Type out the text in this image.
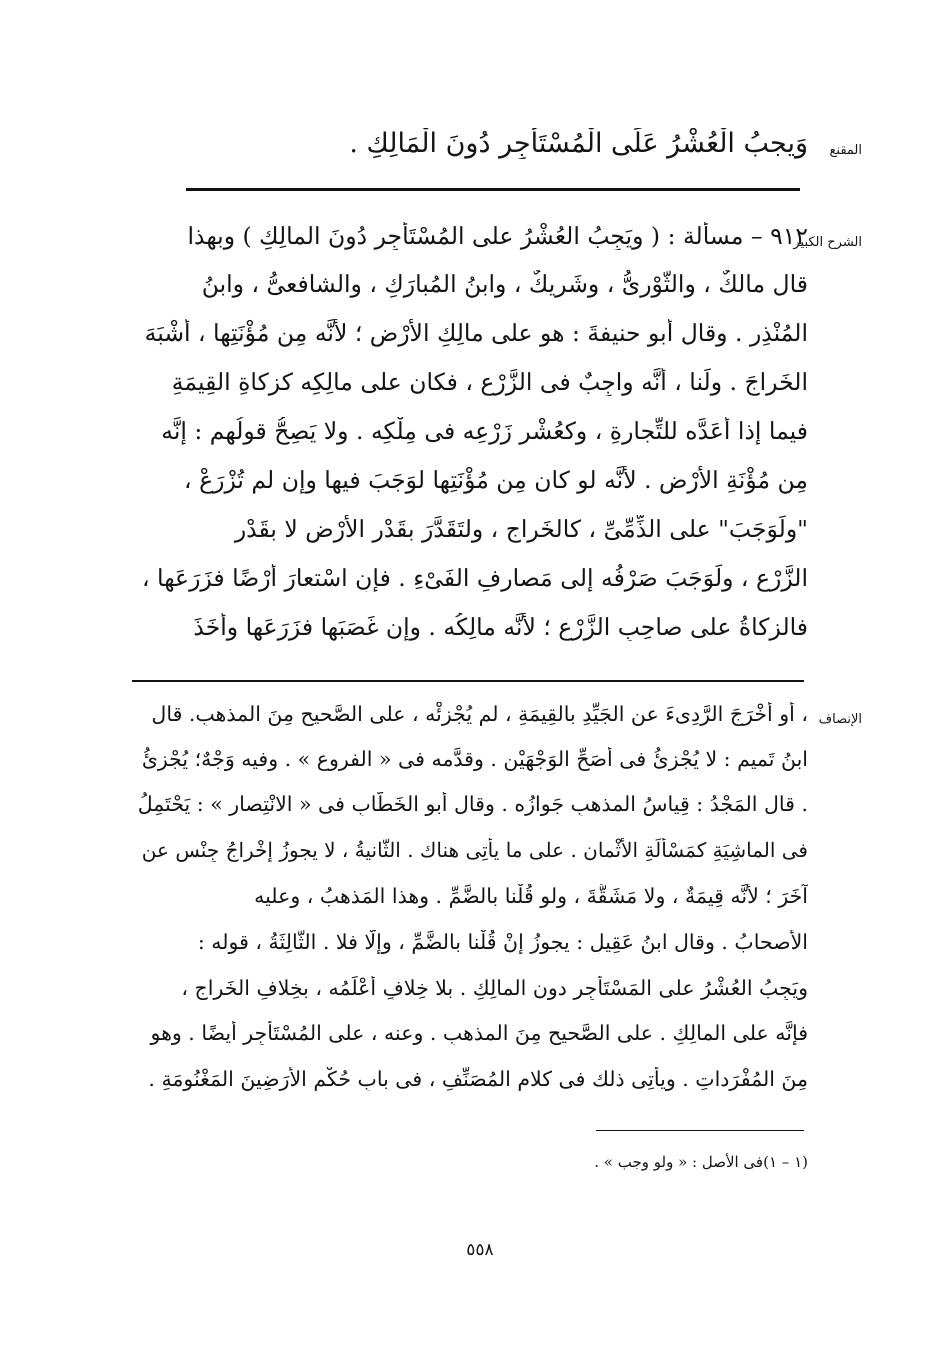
المقنع
وَيجبُ الْعُشْرُ عَلَى الْمُسْتَأْجِرِ دُونَ الْمَالِكِ .
الشرح الكبير
٩١٢ – مسألة : ( ويَجِبُ العُشْرُ على المُسْتَأْجِرِ دُونَ المالِكِ ) وبهذا
قال مالكٌ ، والثَّوْرِىُّ ، وشَرِيكٌ ، وابنُ المُبارَكِ ، والشافعىُّ ، وابنُ
المُنْذِرِ . وقال أبو حنيفةَ : هو على مالِكِ الأرْضِ ؛ لأنَّه مِن مُؤْنَتِها ، أشْبَهَ
الخَراجَ . ولَنا ، أنَّه واجِبٌ فى الزَّرْعِ ، فكان على مالِكِه كزكاةِ القِيمَةِ
فيما إذا أعَدَّه للتِّجارةِ ، وكعُشْرِ زَرْعِه فى مِلْكِه . ولا يَصِحُّ قولُهم : إنَّه
مِن مُؤْنَةِ الأرْضِ . لأنَّه لو كان مِن مُؤْنَتِها لوَجَبَ فيها وإن لم تُزْرَعْ ،
"ولَوَجَبَ" على الذِّمِّىِّ ، كالخَراجِ ، ولتَقَدَّرَ بقَدْرِ الأرْضِ لا بقَدْرِ
الزَّرْعِ ، ولَوَجَبَ صَرْفُه إلى مَصارِفِ الفَىْءِ . فإنِ اسْتعارَ أرْضًا فزَرَعَها ،
فالزكاةُ على صاحِبِ الزَّرْعِ ؛ لأنَّه مالِكُه . وإن غَصَبَها فزَرَعَها وأخَذَ
الإنصاف
، أو أخْرَجَ الرَّدِىءَ عنِ الجَيِّدِ بالقِيمَةِ ، لم يُجْزِئْه ، على الصَّحيحِ مِنَ المذهبِ. قال
ابنُ تَميمٍ : لا يُجْزِئُ فى أصَحِّ الوَجْهَيْنِ . وقدَّمه فى « الفروعِ » . وفيه وَجْهٌ؛ يُجْزِئُ
. قال المَجْدُ : قِياسُ المذهبِ جَوازُه . وقال أبو الخَطَّابِ فى « الانْتِصارِ » : يَحْتَمِلُ
فى الماشِيَةِ كمَسْألَةِ الأثْمانِ . على ما يأْتِى هناك . الثَّانيةُ ، لا يجوزُ إخْراجُ جِنْسٍ عن
آخَرَ ؛ لأنَّه قِيمَةٌ ، ولا مَشَقَّةَ ، ولو قُلْنا بالضَّمِّ . وهذا المَذهبُ ، وعليه
الأصحابُ . وقال ابنُ عَقِيلٍ : يجوزُ إنْ قُلْنا بالضَّمِّ ، وإلَّا فلا . الثَّالِثَةُ ، قوله :
ويَجِبُ العُشْرُ على المَسْتَأْجِرِ دون المالِكِ . بلا خِلافٍ أعْلَمُه ، بخِلافِ الخَراجِ ،
فإنَّه على المالِكِ . على الصَّحيحِ مِنَ المذهبِ . وعنه ، على المُسْتَأْجِرِ أيضًا . وهو
مِنَ المُفْرَداتِ . ويأْتِى ذلك فى كلامِ المُصَنِّفِ ، فى بابِ حُكْمِ الأرَضِينَ المَغْنُومَةِ .
(١ – ١)فى الأصل : « ولو وجب » .
٥٥٨
